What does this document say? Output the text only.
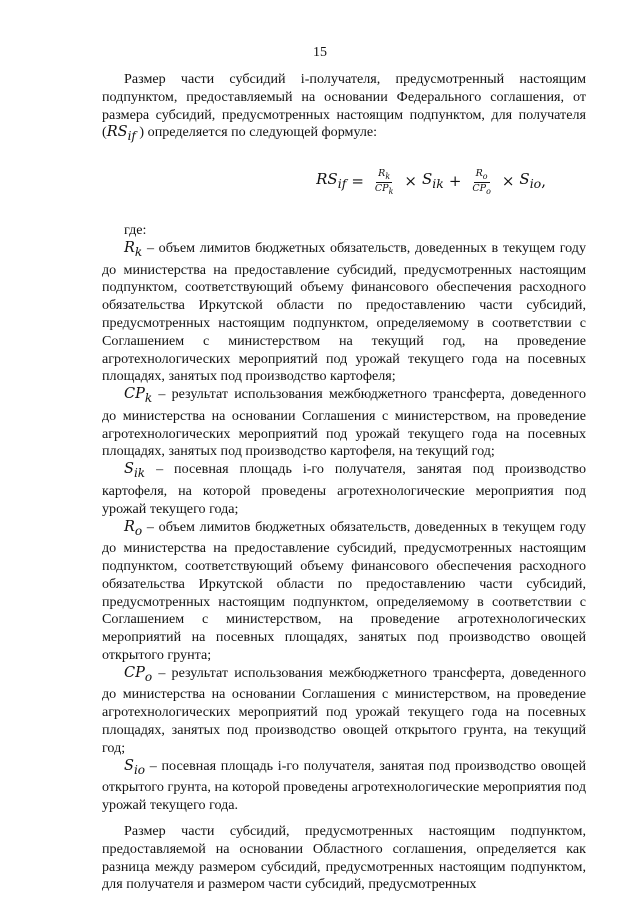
15

Размер части субсидий i-получателя, предусмотренный настоящим подпунктом, предоставляемый на основании Федерального соглашения, от размера субсидий, предусмотренных настоящим подпунктом, для получателя ($RS_{if}$ ) определяется по следующей формуле:

$RS_{if} = \frac{R_k}{CP_k} \times S_{ik} + \frac{R_o}{CP_o} \times S_{io}$ ,

где:

$R_k$ – объем лимитов бюджетных обязательств, доведенных в текущем году до министерства на предоставление субсидий, предусмотренных настоящим подпунктом, соответствующий объему финансового обеспечения расходного обязательства Иркутской области по предоставлению части субсидий, предусмотренных настоящим подпунктом, определяемому в соответствии с Соглашением с министерством на текущий год, на проведение агротехнологических мероприятий под урожай текущего года на посевных площадях, занятых под производство картофеля;

$CP_k$ – результат использования межбюджетного трансферта, доведенного до министерства на основании Соглашения с министерством, на проведение агротехнологических мероприятий под урожай текущего года на посевных площадях, занятых под производство картофеля, на текущий год;

$S_{ik}$ – посевная площадь i-го получателя, занятая под производство картофеля, на которой проведены агротехнологические мероприятия под урожай текущего года;

$R_o$ – объем лимитов бюджетных обязательств, доведенных в текущем году до министерства на предоставление субсидий, предусмотренных настоящим подпунктом, соответствующий объему финансового обеспечения расходного обязательства Иркутской области по предоставлению части субсидий, предусмотренных настоящим подпунктом, определяемому в соответствии с Соглашением с министерством, на проведение агротехнологических мероприятий на посевных площадях, занятых под производство овощей открытого грунта;

$CP_o$ – результат использования межбюджетного трансферта, доведенного до министерства на основании Соглашения с министерством, на проведение агротехнологических мероприятий под урожай текущего года на посевных площадях, занятых под производство овощей открытого грунта, на текущий год;

$S_{io}$ – посевная площадь i-го получателя, занятая под производство овощей открытого грунта, на которой проведены агротехнологические мероприятия под урожай текущего года.

Размер части субсидий, предусмотренных настоящим подпунктом, предоставляемой на основании Областного соглашения, определяется как разница между размером субсидий, предусмотренных настоящим подпунктом, для получателя и размером части субсидий, предусмотренных
